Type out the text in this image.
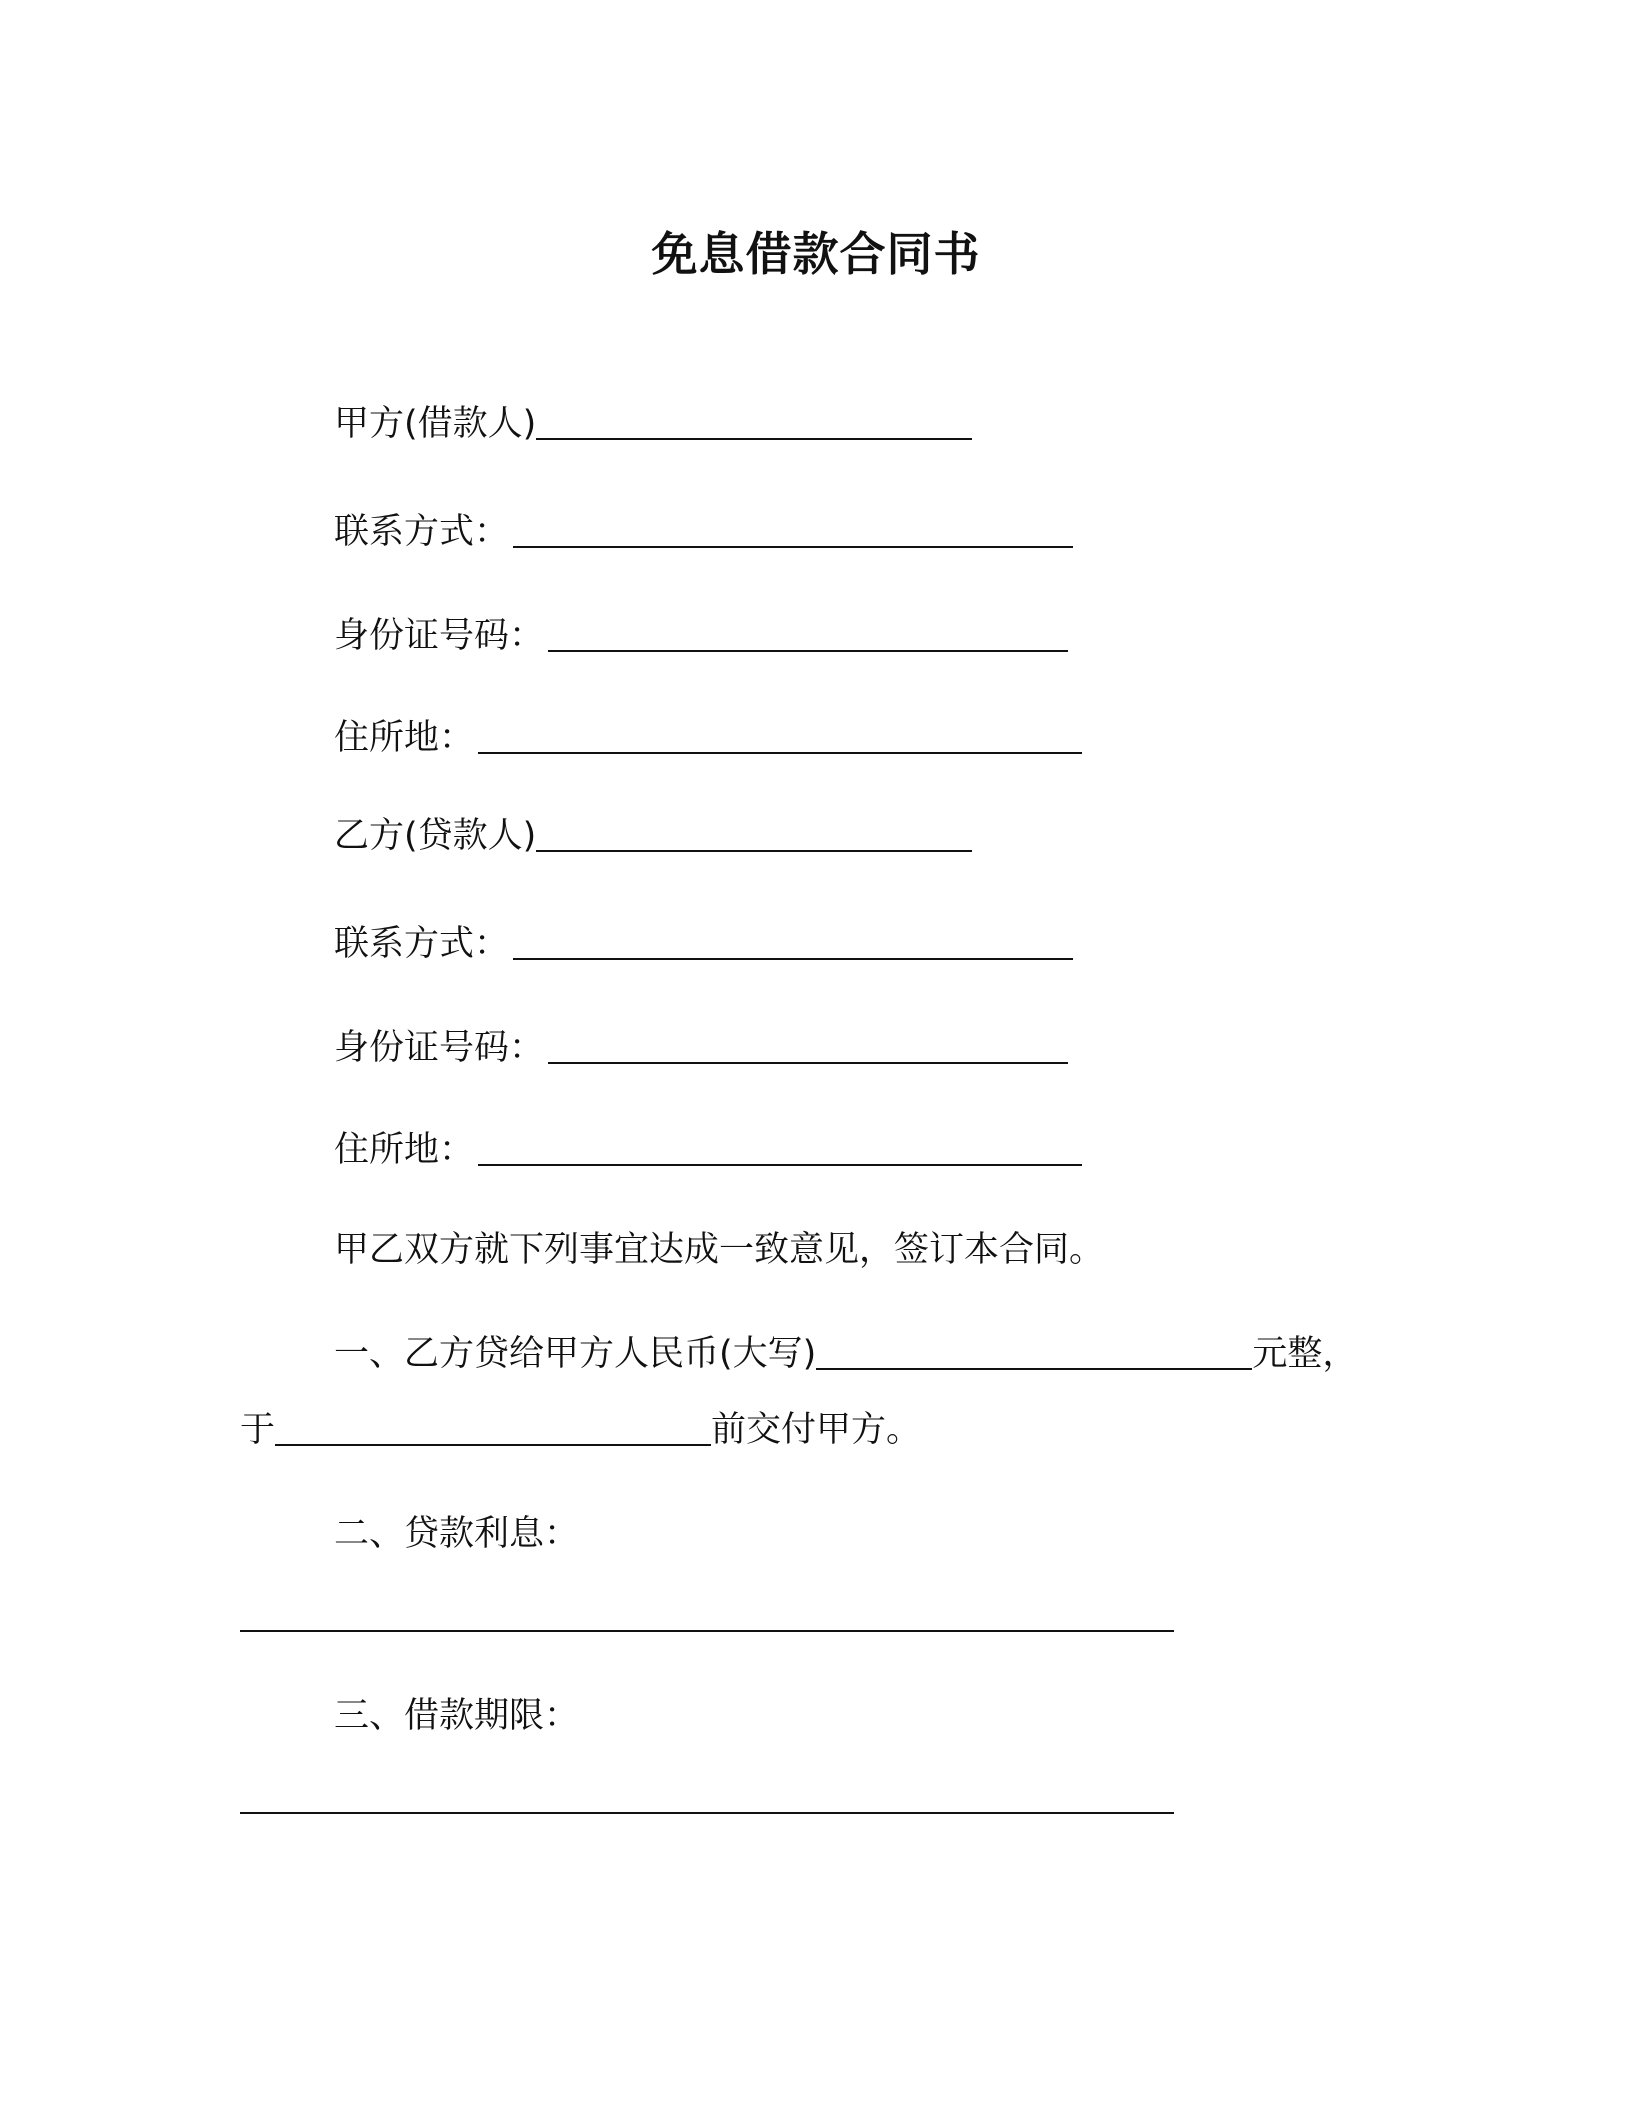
免息借款合同书
甲方(借款人)
联系方式：
身份证号码：
住所地：
乙方(贷款人)
联系方式：
身份证号码：
住所地：
甲乙双方就下列事宜达成一致意见，签订本合同。
一、乙方贷给甲方人民币(大写)	元整，
于	前交付甲方。
二、贷款利息：
三、借款期限：
